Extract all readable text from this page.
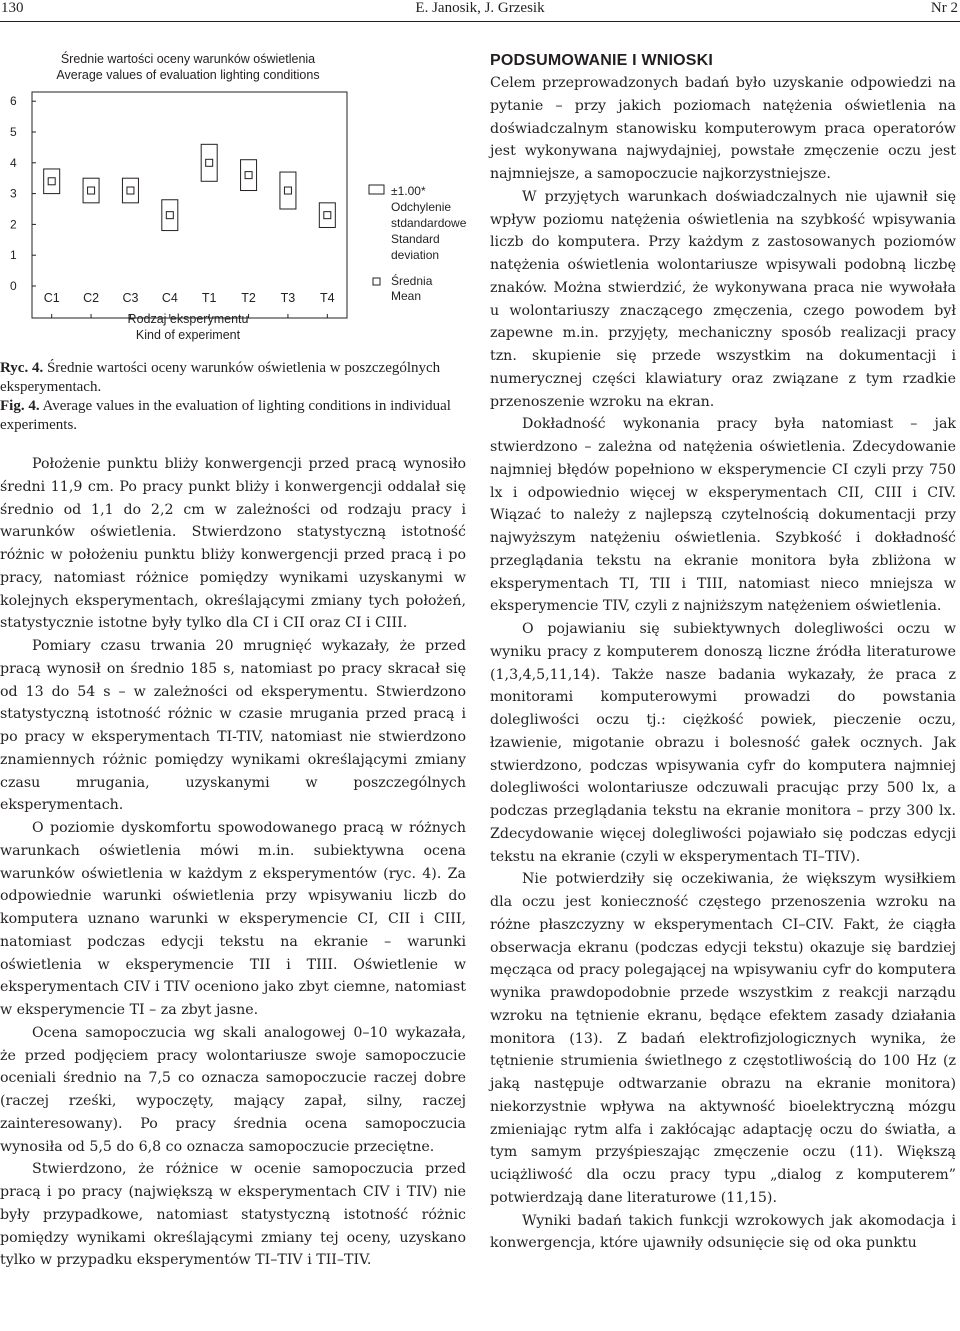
130	E. Janosik, J. Grzesik	Nr 2
Średnie wartości oceny warunków oświetlenia
Average values of evaluation lighting conditions
0
1
2
3
4
5
6
C1 C2 C3 C4 T1 T2 T3 T4
Rodzaj eksperymentu
Kind of experiment
±1.00*
Odchylenie
stdandardowe
Standard
deviation
Średnia
Mean

Ryc. 4. Średnie wartości oceny warunków oświetlenia w poszczególnych eksperymentach.

Fig. 4. Average values in the evaluation of lighting conditions in individual experiments.

Położenie punktu bliży konwergencji przed pracą wynosiło średni 11,9 cm. Po pracy punkt bliży i konwergencji oddalał się średnio od 1,1 do 2,2 cm w zależności od rodzaju pracy i warunków oświetlenia. Stwierdzono statystyczną istotność różnic w położeniu punktu bliży konwergencji przed pracą i po pracy, natomiast różnice pomiędzy wynikami uzyskanymi w kolejnych eksperymentach, określającymi zmiany tych położeń, statystycznie istotne były tylko dla CI i CII oraz CI i CIII.

Pomiary czasu trwania 20 mrugnięć wykazały, że przed pracą wynosił on średnio 185 s, natomiast po pracy skracał się od 13 do 54 s – w zależności od eksperymentu. Stwierdzono statystyczną istotność różnic w czasie mrugania przed pracą i po pracy w eksperymentach TI-TIV, natomiast nie stwierdzono znamiennych różnic pomiędzy wynikami określającymi zmiany czasu mrugania, uzyskanymi w poszczególnych eksperymentach.

O poziomie dyskomfortu spowodowanego pracą w różnych warunkach oświetlenia mówi m.in. subiektywna ocena warunków oświetlenia w każdym z eksperymentów (ryc. 4). Za odpowiednie warunki oświetlenia przy wpisywaniu liczb do komputera uznano warunki w eksperymencie CI, CII i CIII, natomiast podczas edycji tekstu na ekranie – warunki oświetlenia w eksperymencie TII i TIII. Oświetlenie w eksperymentach CIV i TIV oceniono jako zbyt ciemne, natomiast w eksperymencie TI – za zbyt jasne.

Ocena samopoczucia wg skali analogowej 0–10 wykazała, że przed podjęciem pracy wolontariusze swoje samopoczucie oceniali średnio na 7,5 co oznacza samopoczucie raczej dobre (raczej rześki, wypoczęty, mający zapał, silny, raczej zainteresowany). Po pracy średnia ocena samopoczucia wynosiła od 5,5 do 6,8 co oznacza samopoczucie przeciętne.

Stwierdzono, że różnice w ocenie samopoczucia przed pracą i po pracy (największą w eksperymentach CIV i TIV) nie były przypadkowe, natomiast statystyczną istotność różnic pomiędzy wynikami określającymi zmiany tej oceny, uzyskano tylko w przypadku eksperymentów TI–TIV i TII–TIV.

PODSUMOWANIE I WNIOSKI

Celem przeprowadzonych badań było uzyskanie odpowiedzi na pytanie – przy jakich poziomach natężenia oświetlenia na doświadczalnym stanowisku komputerowym praca operatorów jest wykonywana najwydajniej, powstałe zmęczenie oczu jest najmniejsze, a samopoczucie najkorzystniejsze.

W przyjętych warunkach doświadczalnych nie ujawnił się wpływ poziomu natężenia oświetlenia na szybkość wpisywania liczb do komputera. Przy każdym z zastosowanych poziomów natężenia oświetlenia wolontariusze wpisywali podobną liczbę znaków. Można stwierdzić, że wykonywana praca nie wywołała u wolontariuszy znaczącego zmęczenia, czego powodem był zapewne m.in. przyjęty, mechaniczny sposób realizacji pracy tzn. skupienie się przede wszystkim na dokumentacji i numerycznej części klawiatury oraz związane z tym rzadkie przenoszenie wzroku na ekran.

Dokładność wykonania pracy była natomiast – jak stwierdzono – zależna od natężenia oświetlenia. Zdecydowanie najmniej błędów popełniono w eksperymencie CI czyli przy 750 lx i odpowiednio więcej w eksperymentach CII, CIII i CIV. Wiązać to należy z najlepszą czytelnością dokumentacji przy najwyższym natężeniu oświetlenia. Szybkość i dokładność przeglądania tekstu na ekranie monitora była zbliżona w eksperymentach TI, TII i TIII, natomiast nieco mniejsza w eksperymencie TIV, czyli z najniższym natężeniem oświetlenia.

O pojawianiu się subiektywnych dolegliwości oczu w wyniku pracy z komputerem donoszą liczne źródła literaturowe (1,3,4,5,11,14). Także nasze badania wykazały, że praca z monitorami komputerowymi prowadzi do powstania dolegliwości oczu tj.: ciężkość powiek, pieczenie oczu, łzawienie, migotanie obrazu i bolesność gałek ocznych. Jak stwierdzono, podczas wpisywania cyfr do komputera najmniej dolegliwości wolontariusze odczuwali pracując przy 500 lx, a podczas przeglądania tekstu na ekranie monitora – przy 300 lx. Zdecydowanie więcej dolegliwości pojawiało się podczas edycji tekstu na ekranie (czyli w eksperymentach TI–TIV).

Nie potwierdziły się oczekiwania, że większym wysiłkiem dla oczu jest konieczność częstego przenoszenia wzroku na różne płaszczyzny w eksperymentach CI–CIV. Fakt, że ciągła obserwacja ekranu (podczas edycji tekstu) okazuje się bardziej męcząca od pracy polegającej na wpisywaniu cyfr do komputera wynika prawdopodobnie przede wszystkim z reakcji narządu wzroku na tętnienie ekranu, będące efektem zasady działania monitora (13). Z badań elektrofizjologicznych wynika, że tętnienie strumienia świetlnego z częstotliwością do 100 Hz (z jaką następuje odtwarzanie obrazu na ekranie monitora) niekorzystnie wpływa na aktywność bioelektryczną mózgu zmieniając rytm alfa i zakłócając adaptację oczu do światła, a tym samym przyśpieszając zmęczenie oczu (11). Większą uciążliwość dla oczu pracy typu „dialog z komputerem” potwierdzają dane literaturowe (11,15).

Wyniki badań takich funkcji wzrokowych jak akomodacja i konwergencja, które ujawniły odsunięcie się od oka punktu
